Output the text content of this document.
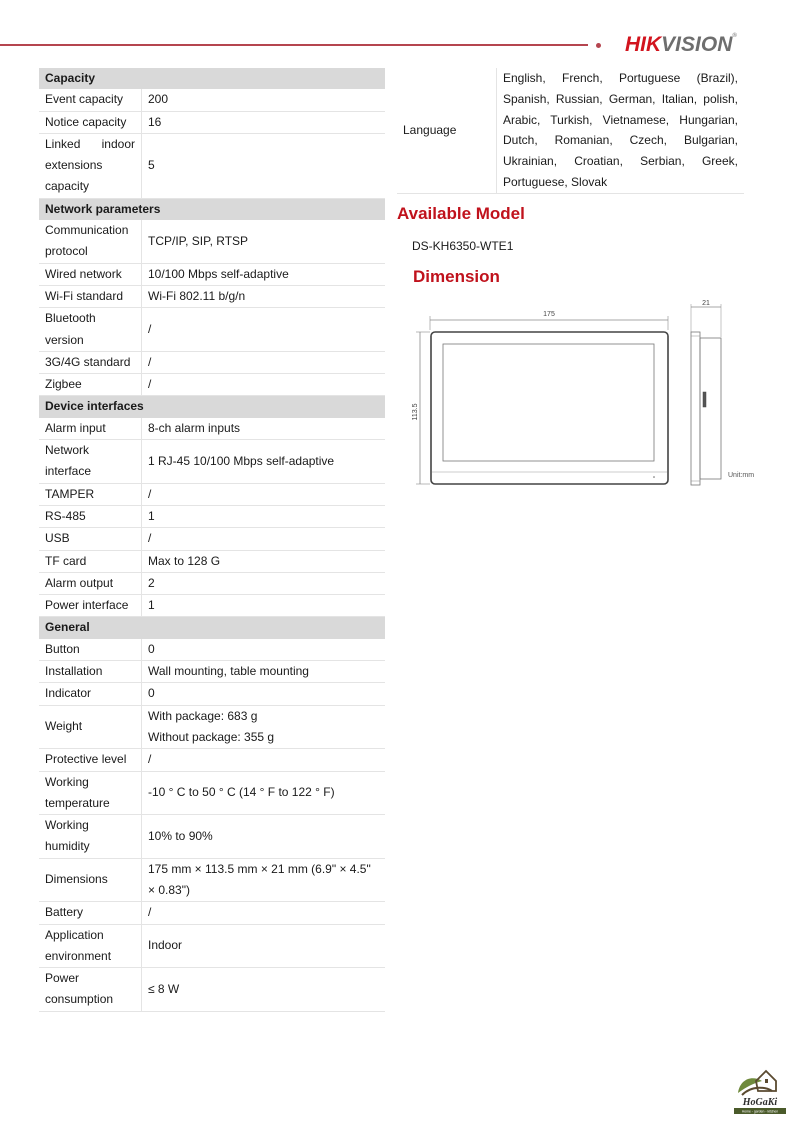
HIKVISION®
Capacity	
Event capacity	200

Notice capacity	16

Linked indoor extensions capacity	5

Network parameters	
Communication protocol	TCP/IP, SIP, RTSP

Wired network	10/100 Mbps self-adaptive

Wi-Fi standard	Wi-Fi 802.11 b/g/n

Bluetooth version	/

3G/4G standard	/

Zigbee	/

Device interfaces	
Alarm input	8-ch alarm inputs

Network interface	1 RJ-45 10/100 Mbps self-adaptive

TAMPER	/

RS-485	1

USB	/

TF card	Max to 128 G

Alarm output	2

Power interface	1

General	
Button	0

Installation	Wall mounting, table mounting

Indicator	0

Weight	With package: 683 g
Without package: 355 g

Protective level	/

Working temperature	-10 ° C to 50 ° C (14 ° F to 122 ° F)

Working humidity	10% to 90%

Dimensions	175 mm × 113.5 mm × 21 mm (6.9" × 4.5" × 0.83")

Battery	/

Application environment	Indoor

Power consumption	≤ 8 W
Language	English, French, Portuguese (Brazil), Spanish, Russian, German, Italian, polish, Arabic, Turkish, Vietnamese, Hungarian, Dutch, Romanian, Czech, Bulgarian, Ukrainian, Croatian, Serbian, Greek, Portuguese, Slovak
Available Model
DS-KH6350-WTE1
Dimension
175
113.5
21
Unit:mm
HoGaKi
Home - garden - kitchen
